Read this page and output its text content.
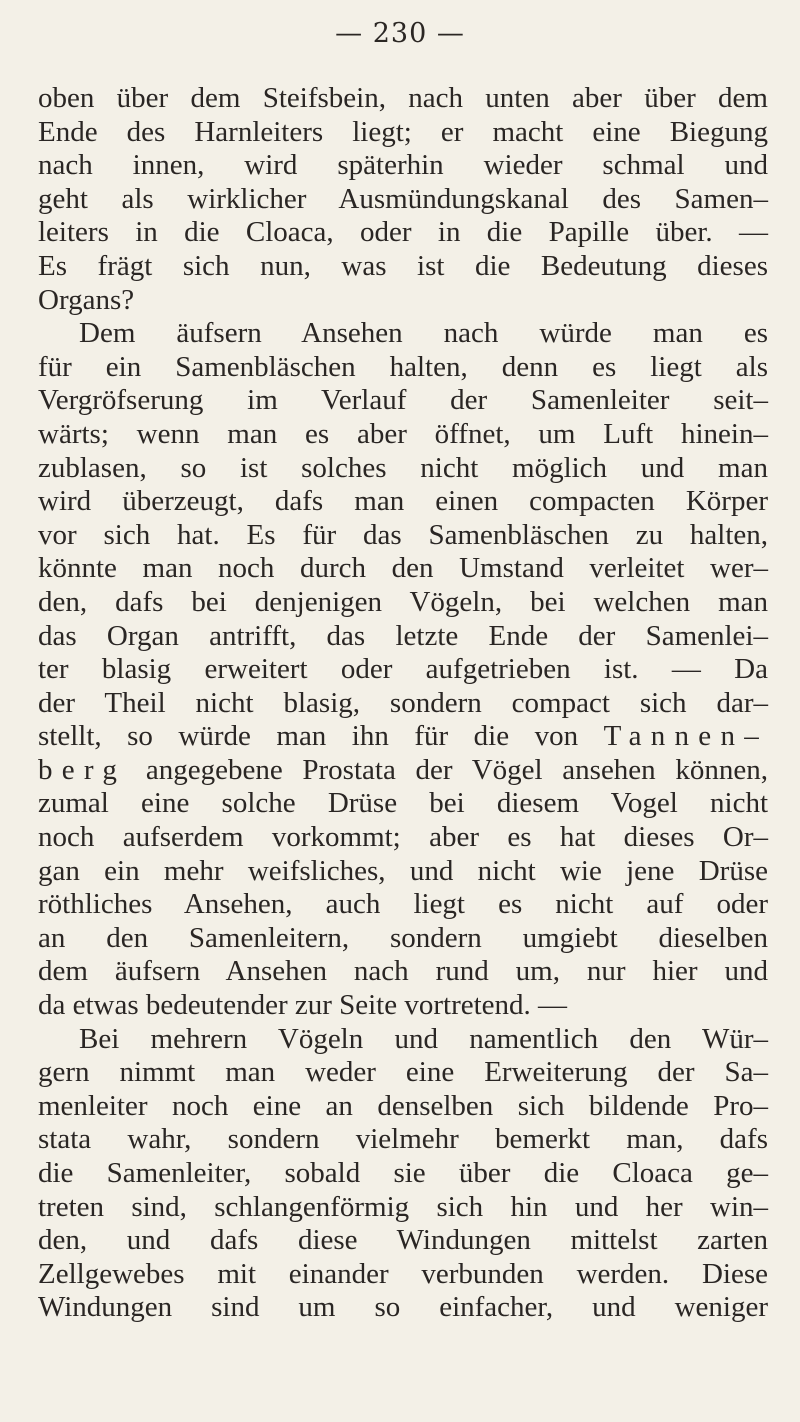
— 230 —
oben über dem Steifsbein, nach unten aber über dem
Ende des Harnleiters liegt; er macht eine Biegung
nach innen, wird späterhin wieder schmal und
geht als wirklicher Ausmündungskanal des Samen–
leiters in die Cloaca, oder in die Papille über. —
Es frägt sich nun, was ist die Bedeutung dieses
Organs?
Dem äufsern Ansehen nach würde man es
für ein Samenbläschen halten, denn es liegt als
Vergröfserung im Verlauf der Samenleiter seit–
wärts; wenn man es aber öffnet, um Luft hinein–
zublasen, so ist solches nicht möglich und man
wird überzeugt, dafs man einen compacten Körper
vor sich hat. Es für das Samenbläschen zu halten,
könnte man noch durch den Umstand verleitet wer–
den, dafs bei denjenigen Vögeln, bei welchen man
das Organ antrifft, das letzte Ende der Samenlei–
ter blasig erweitert oder aufgetrieben ist. — Da
der Theil nicht blasig, sondern compact sich dar–
stellt, so würde man ihn für die von Tannen–
berg angegebene Prostata der Vögel ansehen können,
zumal eine solche Drüse bei diesem Vogel nicht
noch aufserdem vorkommt; aber es hat dieses Or–
gan ein mehr weifsliches, und nicht wie jene Drüse
röthliches Ansehen, auch liegt es nicht auf oder
an den Samenleitern, sondern umgiebt dieselben
dem äufsern Ansehen nach rund um, nur hier und
da etwas bedeutender zur Seite vortretend. —
Bei mehrern Vögeln und namentlich den Wür–
gern nimmt man weder eine Erweiterung der Sa–
menleiter noch eine an denselben sich bildende Pro–
stata wahr, sondern vielmehr bemerkt man, dafs
die Samenleiter, sobald sie über die Cloaca ge–
treten sind, schlangenförmig sich hin und her win–
den, und dafs diese Windungen mittelst zarten
Zellgewebes mit einander verbunden werden. Diese
Windungen sind um so einfacher, und weniger
